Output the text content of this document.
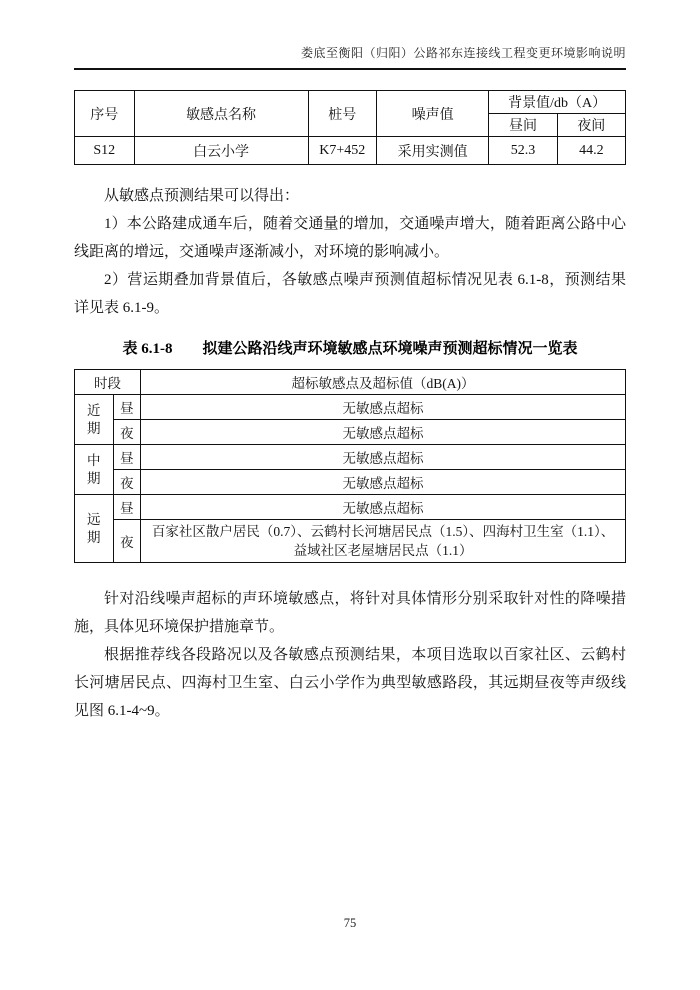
娄底至衡阳（归阳）公路祁东连接线工程变更环境影响说明
序号	敏感点名称	桩号	噪声值	背景值/db（A）	
				昼间	夜间
S12	白云小学	K7+452	采用实测值	52.3	44.2

从敏感点预测结果可以得出：

1）本公路建成通车后，随着交通量的增加，交通噪声增大，随着距离公路中心线距离的增远，交通噪声逐渐减小，对环境的影响减小。

2）营运期叠加背景值后，各敏感点噪声预测值超标情况见表 6.1-8，预测结果详见表 6.1-9。

表 6.1-8 拟建公路沿线声环境敏感点环境噪声预测超标情况一览表
时段		超标敏感点及超标值（dB(A)）

近期	昼	无敏感点超标
	夜	无敏感点超标

中期	昼	无敏感点超标
	夜	无敏感点超标

远期	昼	无敏感点超标
	夜	百家社区散户居民（0.7）、云鹤村长河塘居民点（1.5）、四海村卫生室（1.1）、益域社区老屋塘居民点（1.1）

针对沿线噪声超标的声环境敏感点，将针对具体情形分别采取针对性的降噪措施，具体见环境保护措施章节。

根据推荐线各段路况以及各敏感点预测结果，本项目选取以百家社区、云鹤村长河塘居民点、四海村卫生室、白云小学作为典型敏感路段，其远期昼夜等声级线见图 6.1-4~9。

75
